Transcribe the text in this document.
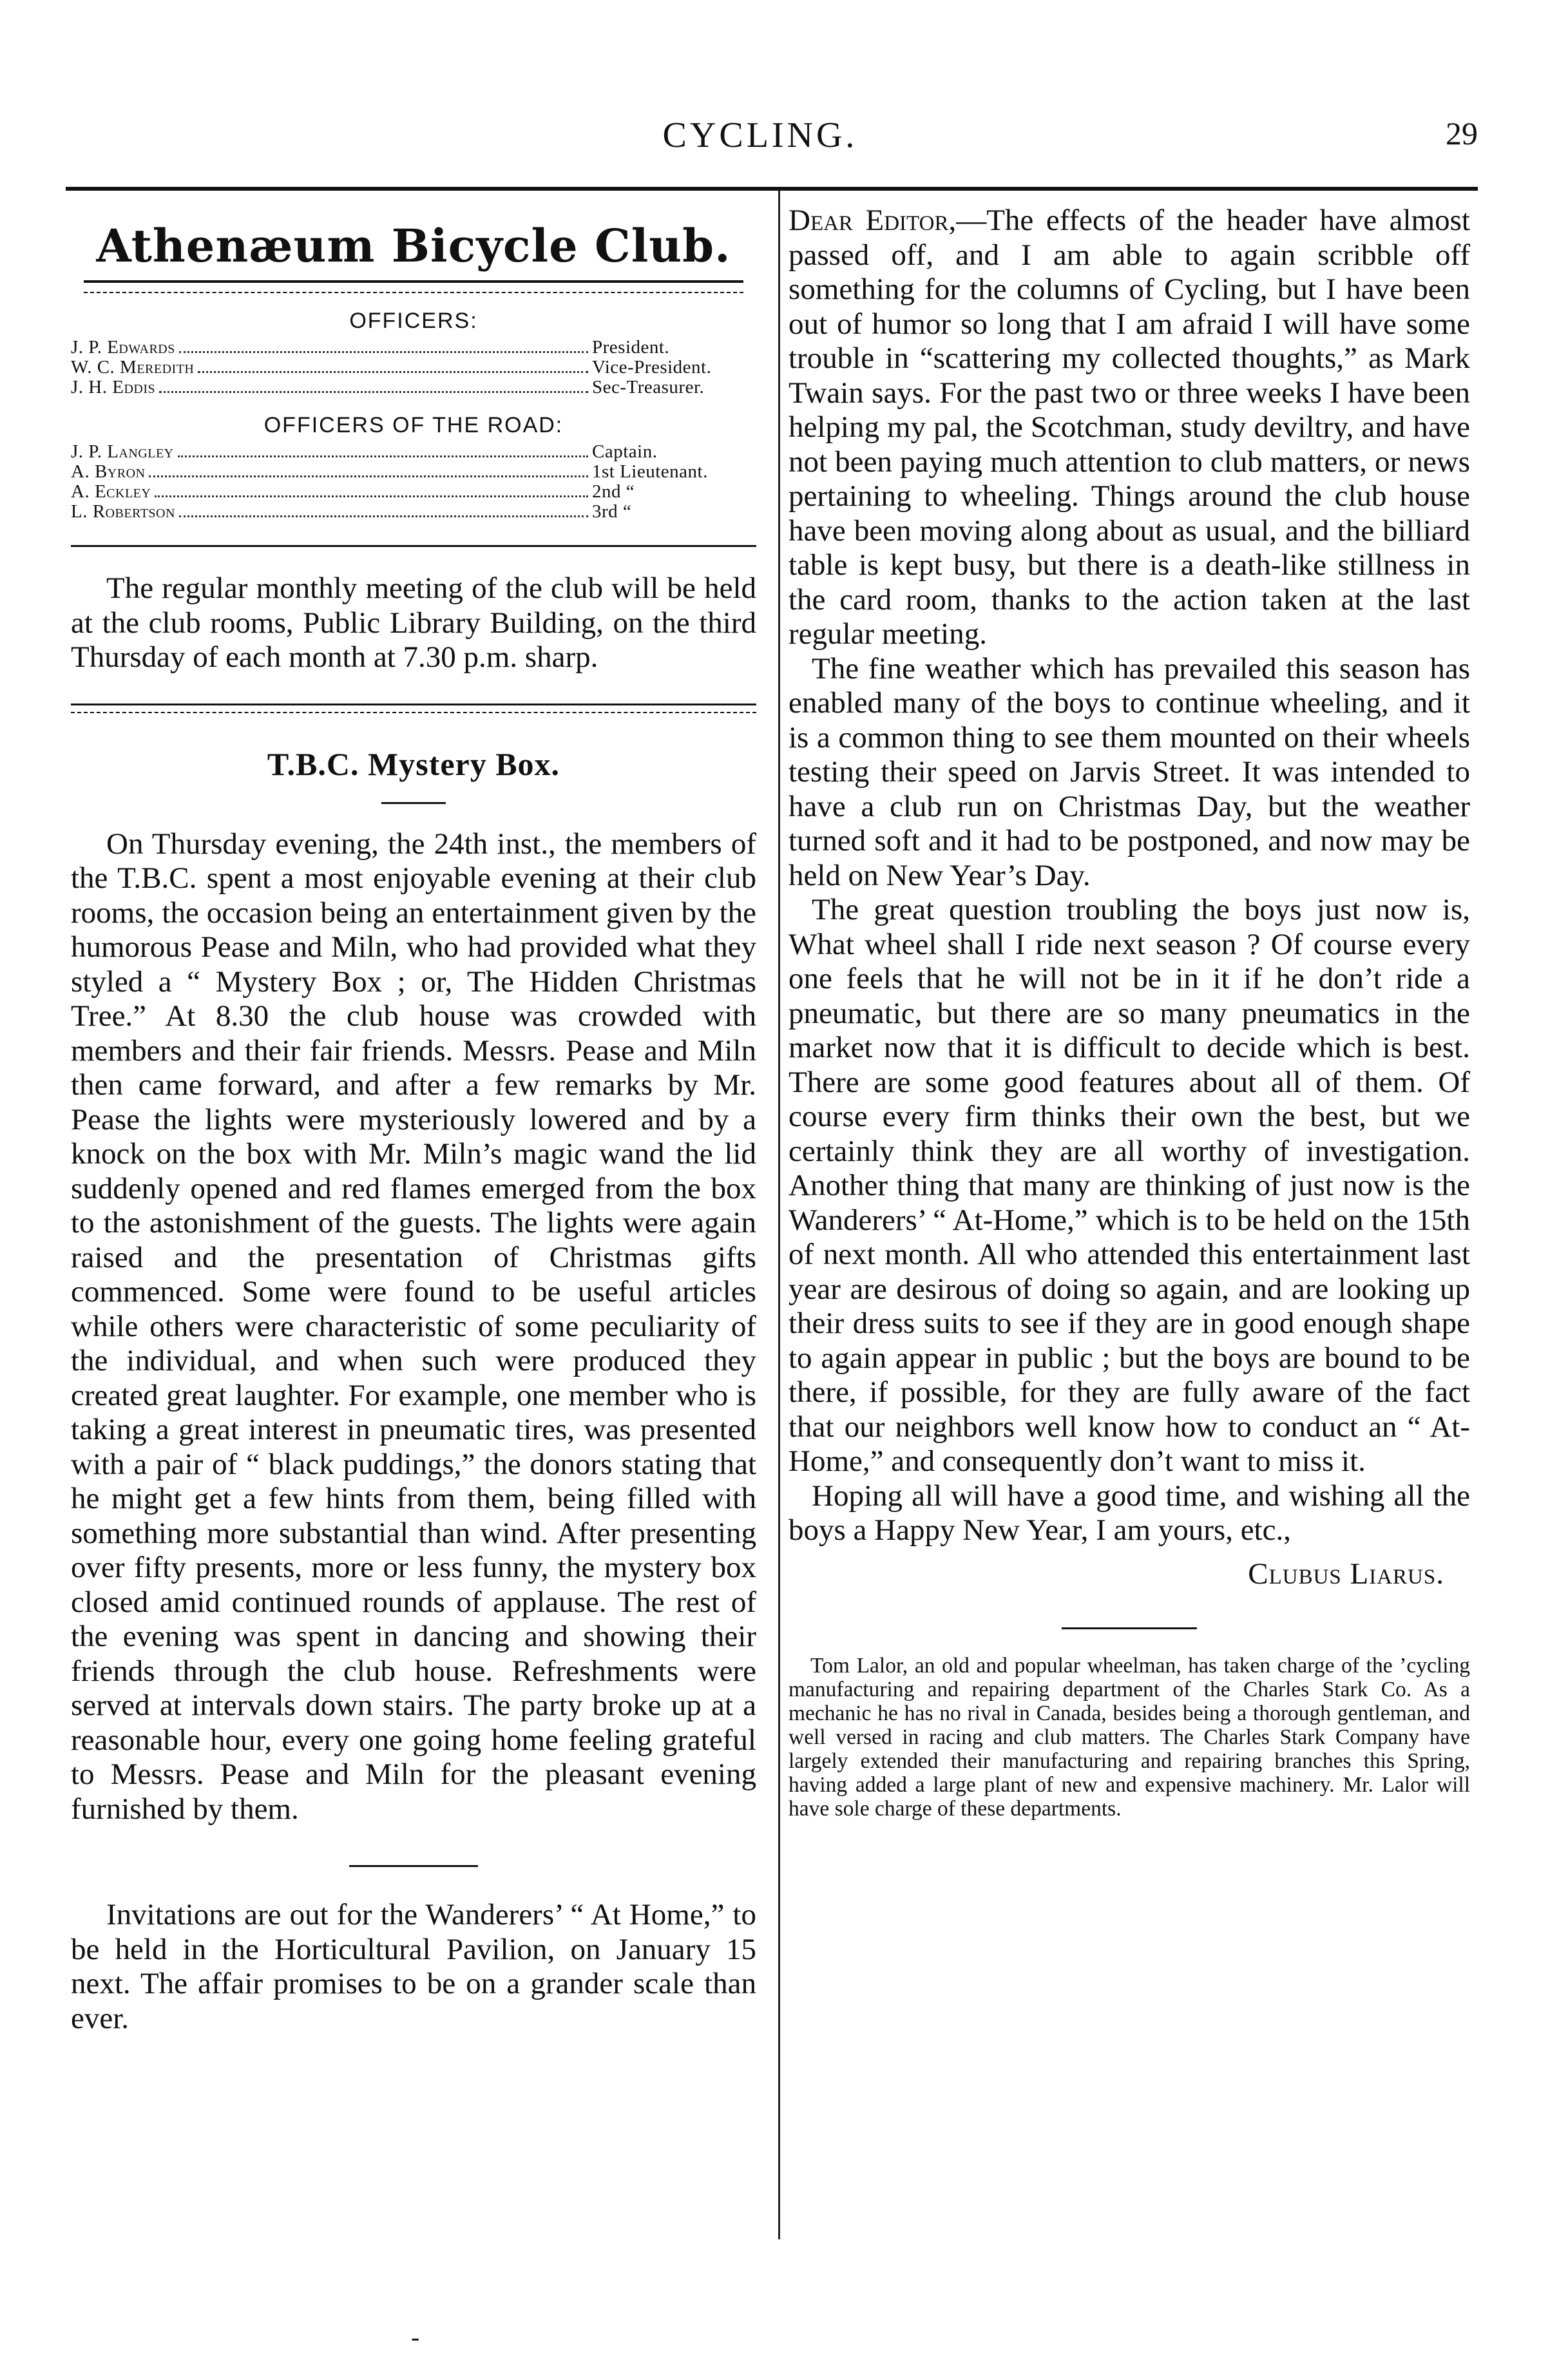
CYCLING.	29
Athenæum Bicycle Club.
OFFICERS:
J. P. Edwards	President.
W. C. Meredith	Vice-President.
J. H. Eddis	Sec-Treasurer.
OFFICERS OF THE ROAD:
J. P. Langley	Captain.
A. Byron	1st Lieutenant.
A. Eckley	2nd “
L. Robertson	3rd “

The regular monthly meeting of the club will be held at the club rooms, Public Library Building, on the third Thursday of each month at 7.30 p.m. sharp.

T.B.C. Mystery Box.

On Thursday evening, the 24th inst., the members of the T.B.C. spent a most enjoyable evening at their club rooms, the occasion being an entertainment given by the humorous Pease and Miln, who had provided what they styled a “ Mystery Box ; or, The Hidden Christmas Tree.” At 8.30 the club house was crowded with members and their fair friends. Messrs. Pease and Miln then came forward, and after a few remarks by Mr. Pease the lights were mysteriously lowered and by a knock on the box with Mr. Miln’s magic wand the lid suddenly opened and red flames emerged from the box to the astonishment of the guests. The lights were again raised and the presentation of Christmas gifts commenced. Some were found to be useful articles while others were characteristic of some peculiarity of the individual, and when such were produced they created great laughter. For example, one member who is taking a great interest in pneumatic tires, was presented with a pair of “ black puddings,” the donors stating that he might get a few hints from them, being filled with something more substantial than wind. After presenting over fifty presents, more or less funny, the mystery box closed amid continued rounds of applause. The rest of the evening was spent in dancing and showing their friends through the club house. Refreshments were served at intervals down stairs. The party broke up at a reasonable hour, every one going home feeling grateful to Messrs. Pease and Miln for the pleasant evening furnished by them.

Invitations are out for the Wanderers’ “ At Home,” to be held in the Horticultural Pavilion, on January 15 next. The affair promises to be on a grander scale than ever.

Dear Editor,—The effects of the header have almost passed off, and I am able to again scribble off something for the columns of Cycling, but I have been out of humor so long that I am afraid I will have some trouble in “scattering my collected thoughts,” as Mark Twain says. For the past two or three weeks I have been helping my pal, the Scotchman, study deviltry, and have not been paying much attention to club matters, or news pertaining to wheeling. Things around the club house have been moving along about as usual, and the billiard table is kept busy, but there is a death-like stillness in the card room, thanks to the action taken at the last regular meeting.

The fine weather which has prevailed this season has enabled many of the boys to continue wheeling, and it is a common thing to see them mounted on their wheels testing their speed on Jarvis Street. It was intended to have a club run on Christmas Day, but the weather turned soft and it had to be postponed, and now may be held on New Year’s Day.

The great question troubling the boys just now is, What wheel shall I ride next season ? Of course every one feels that he will not be in it if he don’t ride a pneumatic, but there are so many pneumatics in the market now that it is difficult to decide which is best. There are some good features about all of them. Of course every firm thinks their own the best, but we certainly think they are all worthy of investigation. Another thing that many are thinking of just now is the Wanderers’ “ At-Home,” which is to be held on the 15th of next month. All who attended this entertainment last year are desirous of doing so again, and are looking up their dress suits to see if they are in good enough shape to again appear in public ; but the boys are bound to be there, if possible, for they are fully aware of the fact that our neighbors well know how to conduct an “ At-Home,” and consequently don’t want to miss it.

Hoping all will have a good time, and wishing all the boys a Happy New Year, I am yours, etc.,

Clubus Liarus.

Tom Lalor, an old and popular wheelman, has taken charge of the ’cycling manufacturing and repairing department of the Charles Stark Co. As a mechanic he has no rival in Canada, besides being a thorough gentleman, and well versed in racing and club matters. The Charles Stark Company have largely extended their manufacturing and repairing branches this Spring, having added a large plant of new and expensive machinery. Mr. Lalor will have sole charge of these departments.

-
